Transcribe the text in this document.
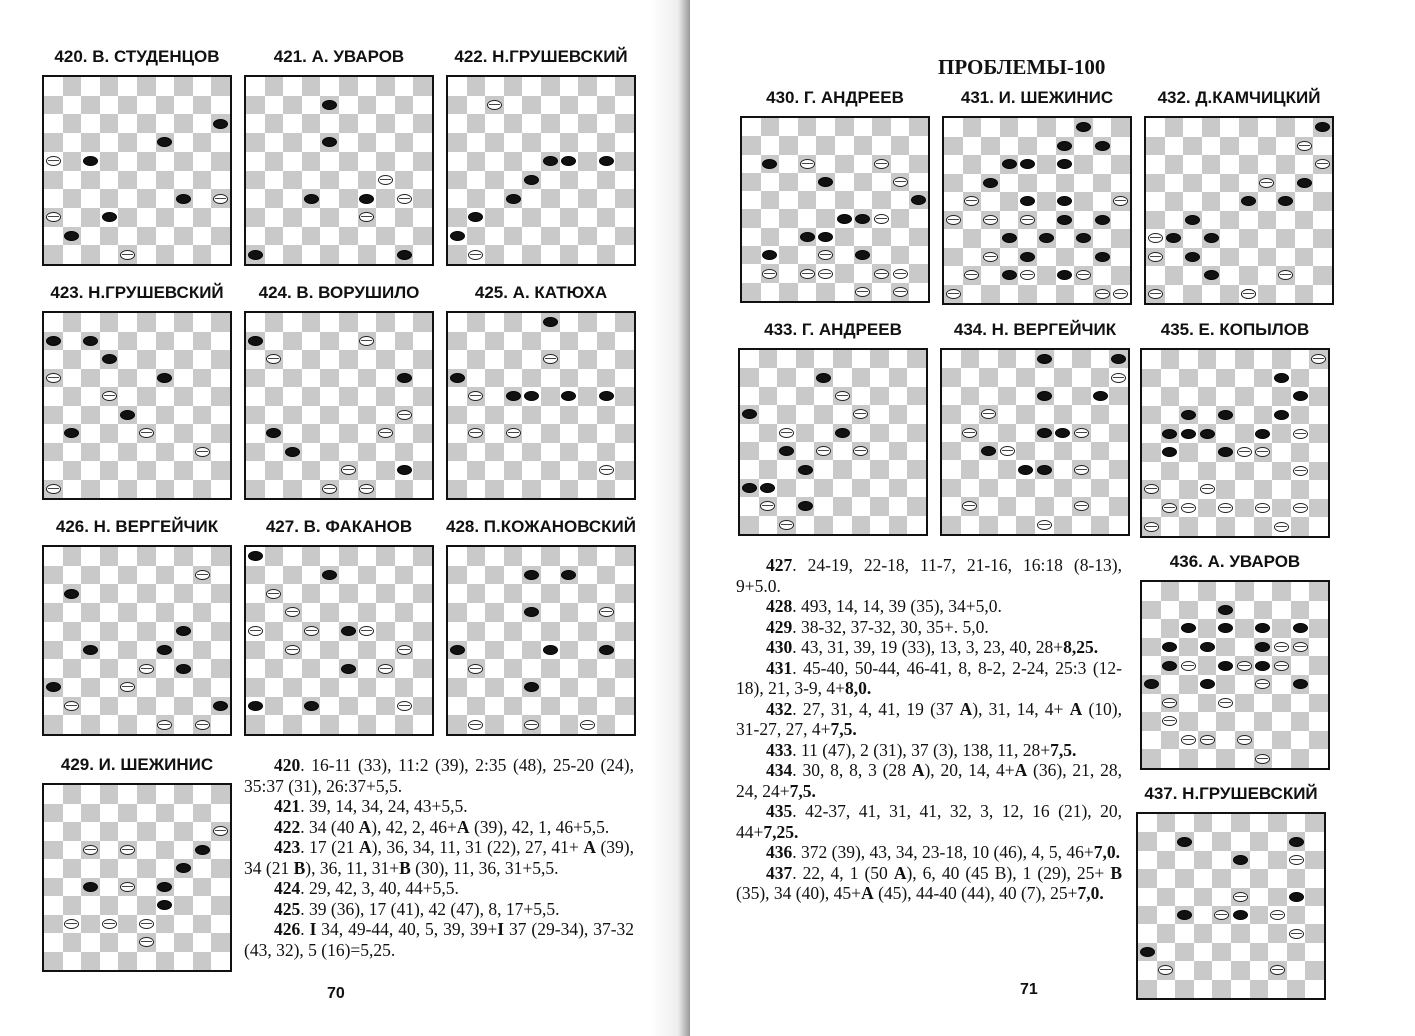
420. В. СТУДЕНЦОВ	421. А. УВАРОВ	422. Н.ГРУШЕВСКИЙ
423. Н.ГРУШЕВСКИЙ	424. В. ВОРУШИЛО	425. А. КАТЮХА
426. Н. ВЕРГЕЙЧИК	427. В. ФАКАНОВ	428. П.КОЖАНОВСКИЙ
429. И. ШЕЖИНИС	420. 16-11 (33), 11:2 (39), 2:35 (48), 25-20 (24), 35:37 (31), 26:37+5,5.

421. 39, 14, 34, 24, 43+5,5.

422. 34 (40 A), 42, 2, 46+A (39), 42, 1, 46+5,5.

423. 17 (21 A), 36, 34, 11, 31 (22), 27, 41+ A (39), 34 (21 B), 36, 11, 31+B (30), 11, 36, 31+5,5.

424. 29, 42, 3, 40, 44+5,5.

425. 39 (36), 17 (41), 42 (47), 8, 17+5,5.

426. I 34, 49-44, 40, 5, 39, 39+I 37 (29-34), 37-32 (43, 32), 5 (16)=5,25.

70
ПРОБЛЕМЫ-100
430. Г. АНДРЕЕВ	431. И. ШЕЖИНИС	432. Д.КАМЧИЦКИЙ
433. Г. АНДРЕЕВ	434. Н. ВЕРГЕЙЧИК	435. Е. КОПЫЛОВ
436. А. УВАРОВ
437. Н.ГРУШЕВСКИЙ

427. 24-19, 22-18, 11-7, 21-16, 16:18 (8-13), 9+5.0.

428. 493, 14, 14, 39 (35), 34+5,0.

429. 38-32, 37-32, 30, 35+. 5,0.

430. 43, 31, 39, 19 (33), 13, 3, 23, 40, 28+8,25.

431. 45-40, 50-44, 46-41, 8, 8-2, 2-24, 25:3 (12-18), 21, 3-9, 4+8,0.

432. 27, 31, 4, 41, 19 (37 A), 31, 14, 4+ A (10), 31-27, 27, 4+7,5.

433. 11 (47), 2 (31), 37 (3), 138, 11, 28+7,5.

434. 30, 8, 8, 3 (28 A), 20, 14, 4+A (36), 21, 28, 24, 24+7,5.

435. 42-37, 41, 31, 41, 32, 3, 12, 16 (21), 20, 44+7,25.

436. 372 (39), 43, 34, 23-18, 10 (46), 4, 5, 46+7,0.

437. 22, 4, 1 (50 A), 6, 40 (45 B), 1 (29), 25+ B (35), 34 (40), 45+A (45), 44-40 (44), 40 (7), 25+7,0.

71
